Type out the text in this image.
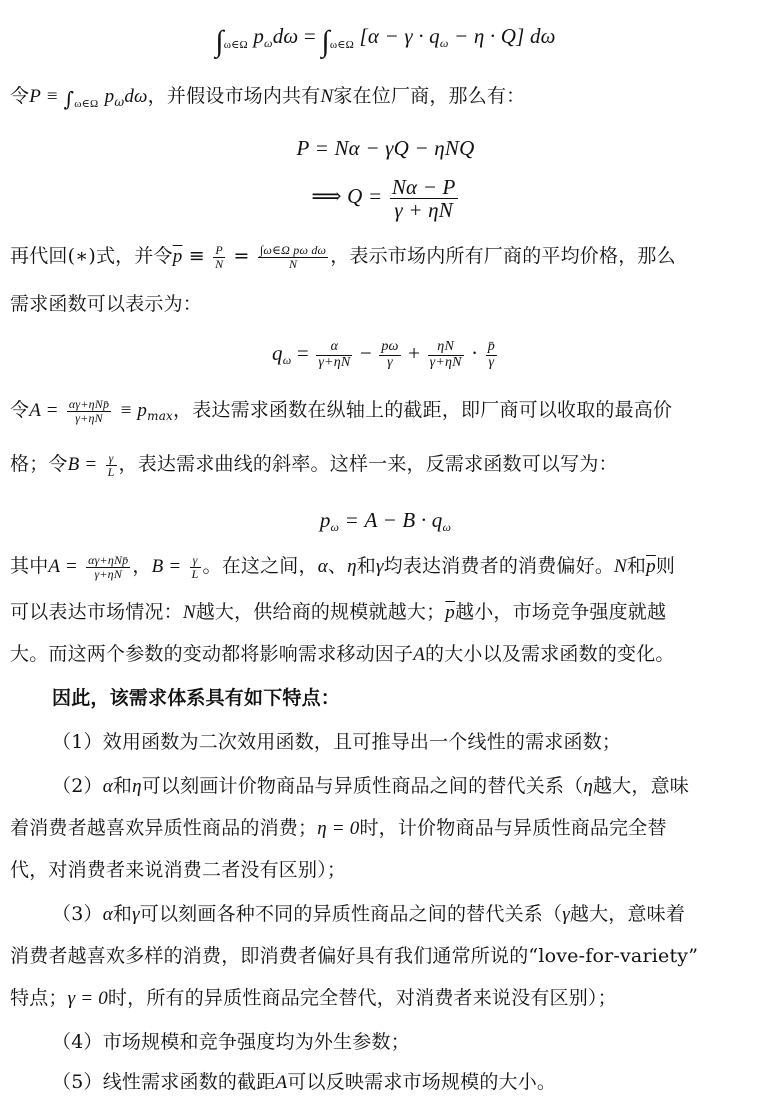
$\int_{\omega\in\Omega}$ $p\omega d\omega = \int_{\omega\in\Omega}$ [α − γ · qω − η · Q] dω
令$P \equiv \int_{\omega\in\Omega}$ $p_\omega d\omega$，并假设市场内共有N家在位厂商，那么有：
P = Nα − γQ − ηNQ
⟹ $Q = \frac{N\alpha - P}{\gamma + \eta N}$
再代回(∗)式，并令$\overline{p} \equiv \frac{P}{N} = \frac{\text{∫ω∈Ω pω dω}}{N}$ ，表示市场内所有厂商的平均价格，那么
需求函数可以表示为：
$q\omega = \frac{\alpha}{\gamma+\eta N} - \frac{p\omega}{\gamma} + \frac{\eta N}{\gamma+\eta N} \cdot \frac{p̄}{\gamma}$
令$A = \frac{\text{αγ+ηNp̄}}{\gamma+\eta N} \equiv p_{max}$，表达需求函数在纵轴上的截距，即厂商可以收取的最高价
格；令$B = \frac{\gamma}{L}$ ，表达需求曲线的斜率。这样一来，反需求函数可以写为：
pω = A − B · qω
其中$A = \frac{\text{αγ+ηNp̄}}{\gamma+\eta N}$ ，$B = \frac{\gamma}{L}$ 。在这之间，α、η和γ均表达消费者的消费偏好。N和$\overline{p}$则
可以表达市场情况：N越大，供给商的规模就越大；$\overline{p}$越小，市场竞争强度就越
大。而这两个参数的变动都将影响需求移动因子A的大小以及需求函数的变化。
因此，该需求体系具有如下特点：
（1）效用函数为二次效用函数，且可推导出一个线性的需求函数；
（2）α和η可以刻画计价物商品与异质性商品之间的替代关系（η越大，意味
着消费者越喜欢异质性商品的消费；η = 0时，计价物商品与异质性商品完全替
代，对消费者来说消费二者没有区别）；
（3）α和γ可以刻画各种不同的异质性商品之间的替代关系（γ越大，意味着
消费者越喜欢多样的消费，即消费者偏好具有我们通常所说的“love-for-variety”
特点；γ = 0时，所有的异质性商品完全替代，对消费者来说没有区别）；
（4）市场规模和竞争强度均为外生参数；
（5）线性需求函数的截距A可以反映需求市场规模的大小。
